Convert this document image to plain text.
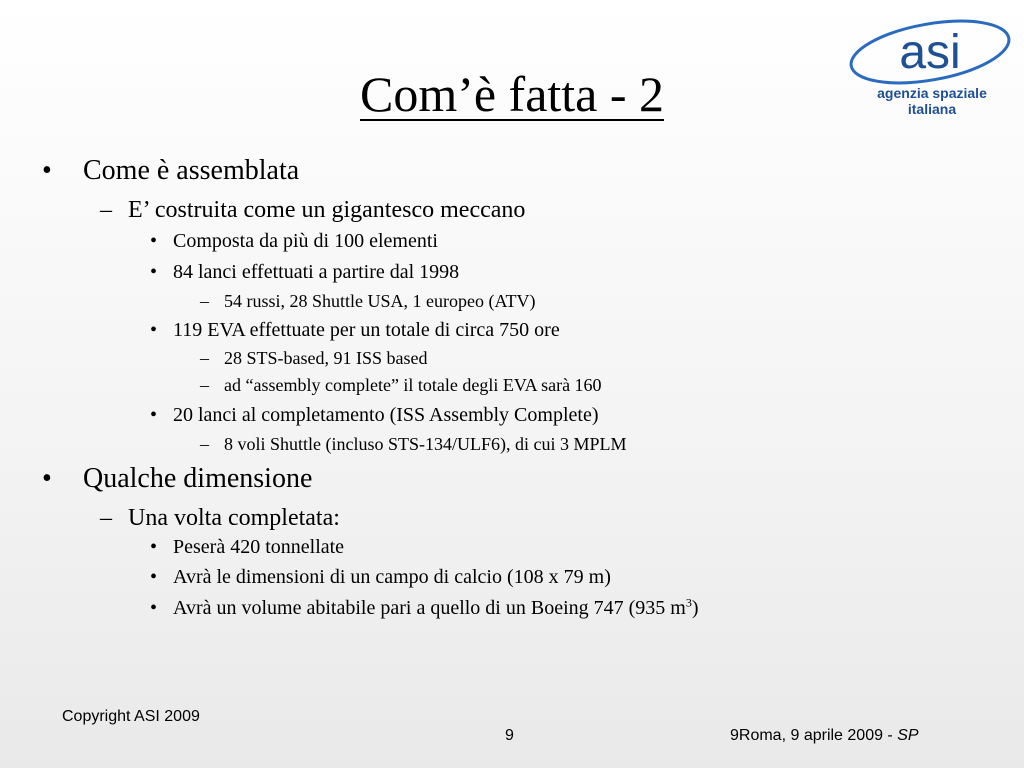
Com’è fatta - 2
asi
agenzia spaziale
italiana
• Come è assemblata
– E’ costruita come un gigantesco meccano
• Composta da più di 100 elementi
• 84 lanci effettuati a partire dal 1998
– 54 russi, 28 Shuttle USA, 1 europeo (ATV)
• 119 EVA effettuate per un totale di circa 750 ore
– 28 STS-based, 91 ISS based
– ad “assembly complete” il totale degli EVA sarà 160
• 20 lanci al completamento (ISS Assembly Complete)
– 8 voli Shuttle (incluso STS-134/ULF6), di cui 3 MPLM
• Qualche dimensione
– Una volta completata:
• Peserà 420 tonnellate
• Avrà le dimensioni di un campo di calcio (108 x 79 m)
• Avrà un volume abitabile pari a quello di un Boeing 747 (935 $m^3$)
Copyright ASI 2009
9	9Roma, 9 aprile 2009 - SP
